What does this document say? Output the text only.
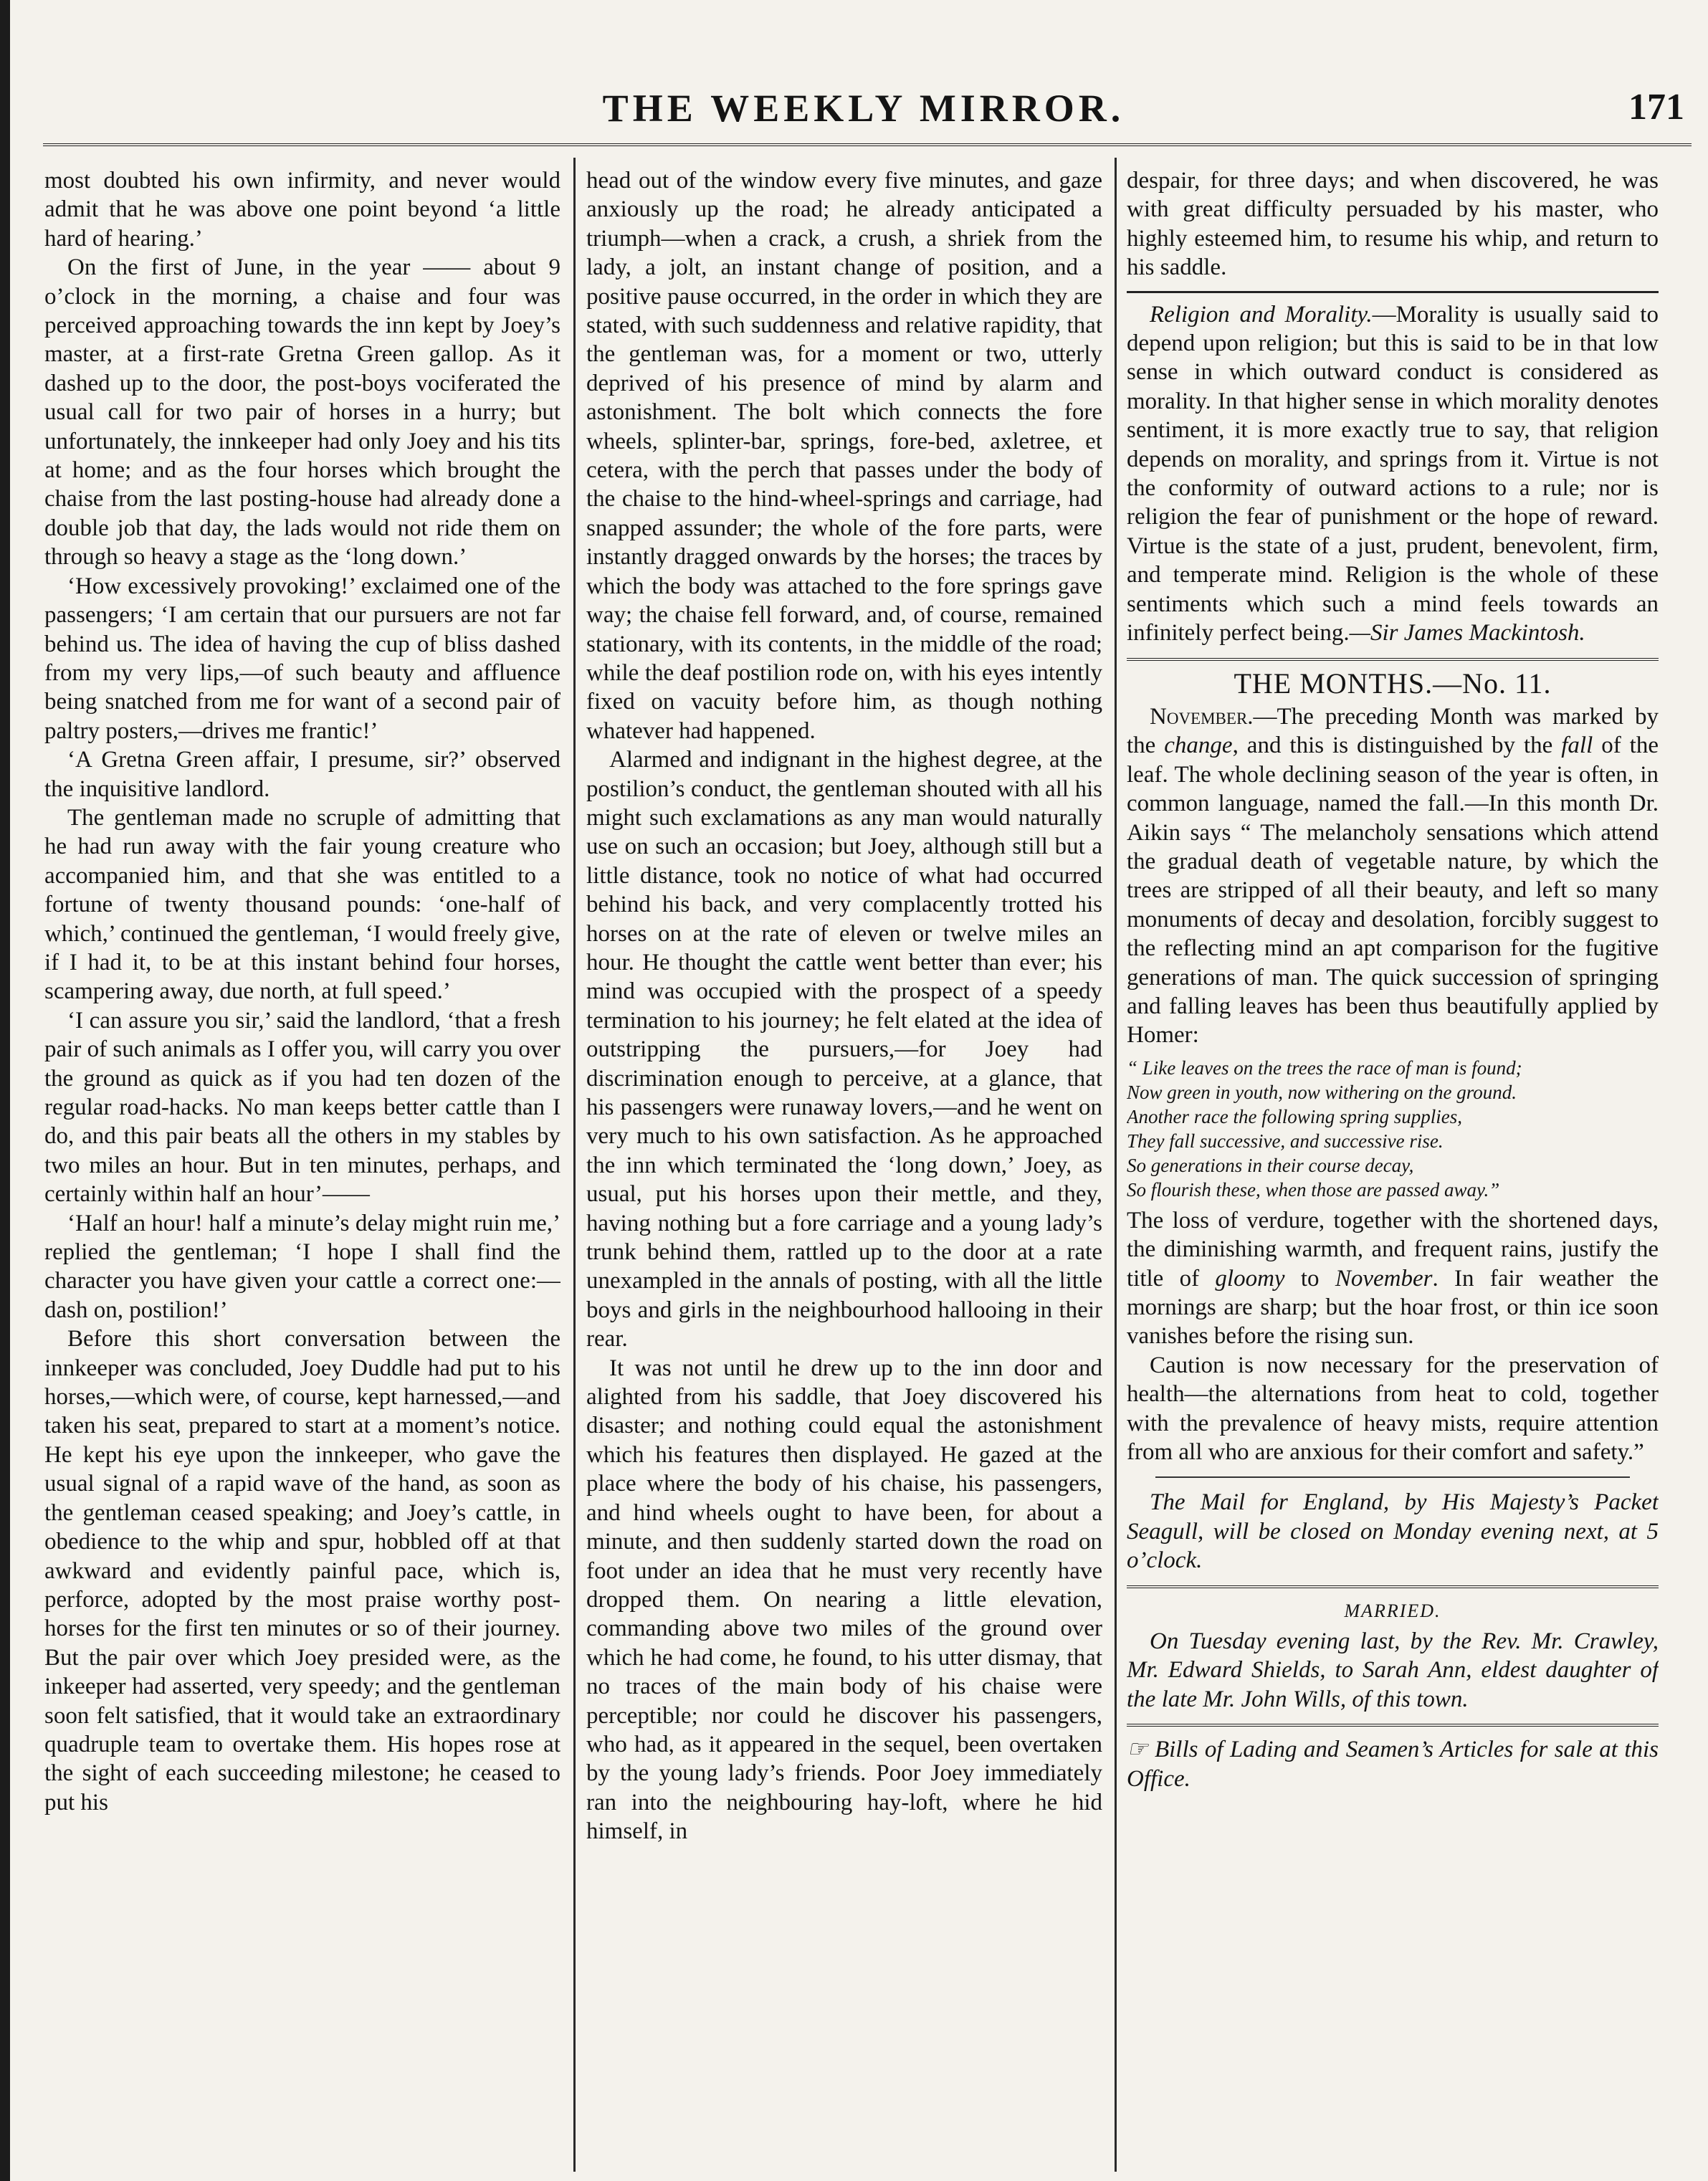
THE WEEKLY MIRROR.	171

most doubted his own infirmity, and never would admit that he was above one point beyond ‘a little hard of hearing.’

On the first of June, in the year —— about 9 o’clock in the morning, a chaise and four was perceived approaching towards the inn kept by Joey’s master, at a first-rate Gretna Green gallop. As it dashed up to the door, the post-boys vociferated the usual call for two pair of horses in a hurry; but unfortunately, the innkeeper had only Joey and his tits at home; and as the four horses which brought the chaise from the last posting-house had already done a double job that day, the lads would not ride them on through so heavy a stage as the ‘long down.’

‘How excessively provoking!’ exclaimed one of the passengers; ‘I am certain that our pursuers are not far behind us. The idea of having the cup of bliss dashed from my very lips,—of such beauty and affluence being snatched from me for want of a second pair of paltry posters,—drives me frantic!’

‘A Gretna Green affair, I presume, sir?’ observed the inquisitive landlord.

The gentleman made no scruple of admitting that he had run away with the fair young creature who accompanied him, and that she was entitled to a fortune of twenty thousand pounds: ‘one-half of which,’ continued the gentleman, ‘I would freely give, if I had it, to be at this instant behind four horses, scampering away, due north, at full speed.’

‘I can assure you sir,’ said the landlord, ‘that a fresh pair of such animals as I offer you, will carry you over the ground as quick as if you had ten dozen of the regular road-hacks. No man keeps better cattle than I do, and this pair beats all the others in my stables by two miles an hour. But in ten minutes, perhaps, and certainly within half an hour’——

‘Half an hour! half a minute’s delay might ruin me,’ replied the gentleman; ‘I hope I shall find the character you have given your cattle a correct one:—dash on, postilion!’

Before this short conversation between the innkeeper was concluded, Joey Duddle had put to his horses,—which were, of course, kept harnessed,—and taken his seat, prepared to start at a moment’s notice. He kept his eye upon the innkeeper, who gave the usual signal of a rapid wave of the hand, as soon as the gentleman ceased speaking; and Joey’s cattle, in obedience to the whip and spur, hobbled off at that awkward and evidently painful pace, which is, perforce, adopted by the most praise worthy post-horses for the first ten minutes or so of their journey. But the pair over which Joey presided were, as the inkeeper had asserted, very speedy; and the gentleman soon felt satisfied, that it would take an extraordinary quadruple team to overtake them. His hopes rose at the sight of each succeeding milestone; he ceased to put his

head out of the window every five minutes, and gaze anxiously up the road; he already anticipated a triumph—when a crack, a crush, a shriek from the lady, a jolt, an instant change of position, and a positive pause occurred, in the order in which they are stated, with such suddenness and relative rapidity, that the gentleman was, for a moment or two, utterly deprived of his presence of mind by alarm and astonishment. The bolt which connects the fore wheels, splinter-bar, springs, fore-bed, axletree, et cetera, with the perch that passes under the body of the chaise to the hind-wheel-springs and carriage, had snapped assunder; the whole of the fore parts, were instantly dragged onwards by the horses; the traces by which the body was attached to the fore springs gave way; the chaise fell forward, and, of course, remained stationary, with its contents, in the middle of the road; while the deaf postilion rode on, with his eyes intently fixed on vacuity before him, as though nothing whatever had happened.

Alarmed and indignant in the highest degree, at the postilion’s conduct, the gentleman shouted with all his might such exclamations as any man would naturally use on such an occasion; but Joey, although still but a little distance, took no notice of what had occurred behind his back, and very complacently trotted his horses on at the rate of eleven or twelve miles an hour. He thought the cattle went better than ever; his mind was occupied with the prospect of a speedy termination to his journey; he felt elated at the idea of outstripping the pursuers,—for Joey had discrimination enough to perceive, at a glance, that his passengers were runaway lovers,—and he went on very much to his own satisfaction. As he approached the inn which terminated the ‘long down,’ Joey, as usual, put his horses upon their mettle, and they, having nothing but a fore carriage and a young lady’s trunk behind them, rattled up to the door at a rate unexampled in the annals of posting, with all the little boys and girls in the neighbourhood hallooing in their rear.

It was not until he drew up to the inn door and alighted from his saddle, that Joey discovered his disaster; and nothing could equal the astonishment which his features then displayed. He gazed at the place where the body of his chaise, his passengers, and hind wheels ought to have been, for about a minute, and then suddenly started down the road on foot under an idea that he must very recently have dropped them. On nearing a little elevation, commanding above two miles of the ground over which he had come, he found, to his utter dismay, that no traces of the main body of his chaise were perceptible; nor could he discover his passengers, who had, as it appeared in the sequel, been overtaken by the young lady’s friends. Poor Joey immediately ran into the neighbouring hay-loft, where he hid himself, in

despair, for three days; and when discovered, he was with great difficulty persuaded by his master, who highly esteemed him, to resume his whip, and return to his saddle.

Religion and Morality.—Morality is usually said to depend upon religion; but this is said to be in that low sense in which outward conduct is considered as morality. In that higher sense in which morality denotes sentiment, it is more exactly true to say, that religion depends on morality, and springs from it. Virtue is not the conformity of outward actions to a rule; nor is religion the fear of punishment or the hope of reward. Virtue is the state of a just, prudent, benevolent, firm, and temperate mind. Religion is the whole of these sentiments which such a mind feels towards an infinitely perfect being.—Sir James Mackintosh.

THE MONTHS.—No. 11.

November.—The preceding Month was marked by the change, and this is distinguished by the fall of the leaf. The whole declining season of the year is often, in common language, named the fall.—In this month Dr. Aikin says “ The melancholy sensations which attend the gradual death of vegetable nature, by which the trees are stripped of all their beauty, and left so many monuments of decay and desolation, forcibly suggest to the reflecting mind an apt comparison for the fugitive generations of man. The quick succession of springing and falling leaves has been thus beautifully applied by Homer:

“ Like leaves on the trees the race of man is found;
Now green in youth, now withering on the ground.
Another race the following spring supplies,
They fall successive, and successive rise.
So generations in their course decay,
So flourish these, when those are passed away.”

The loss of verdure, together with the shortened days, the diminishing warmth, and frequent rains, justify the title of gloomy to November. In fair weather the mornings are sharp; but the hoar frost, or thin ice soon vanishes before the rising sun.

Caution is now necessary for the preservation of health—the alternations from heat to cold, together with the prevalence of heavy mists, require attention from all who are anxious for their comfort and safety.”

The Mail for England, by His Majesty’s Packet Seagull, will be closed on Monday evening next, at 5 o’clock.

MARRIED.

On Tuesday evening last, by the Rev. Mr. Crawley, Mr. Edward Shields, to Sarah Ann, eldest daughter of the late Mr. John Wills, of this town.

☞ Bills of Lading and Seamen’s Articles for sale at this Office.
